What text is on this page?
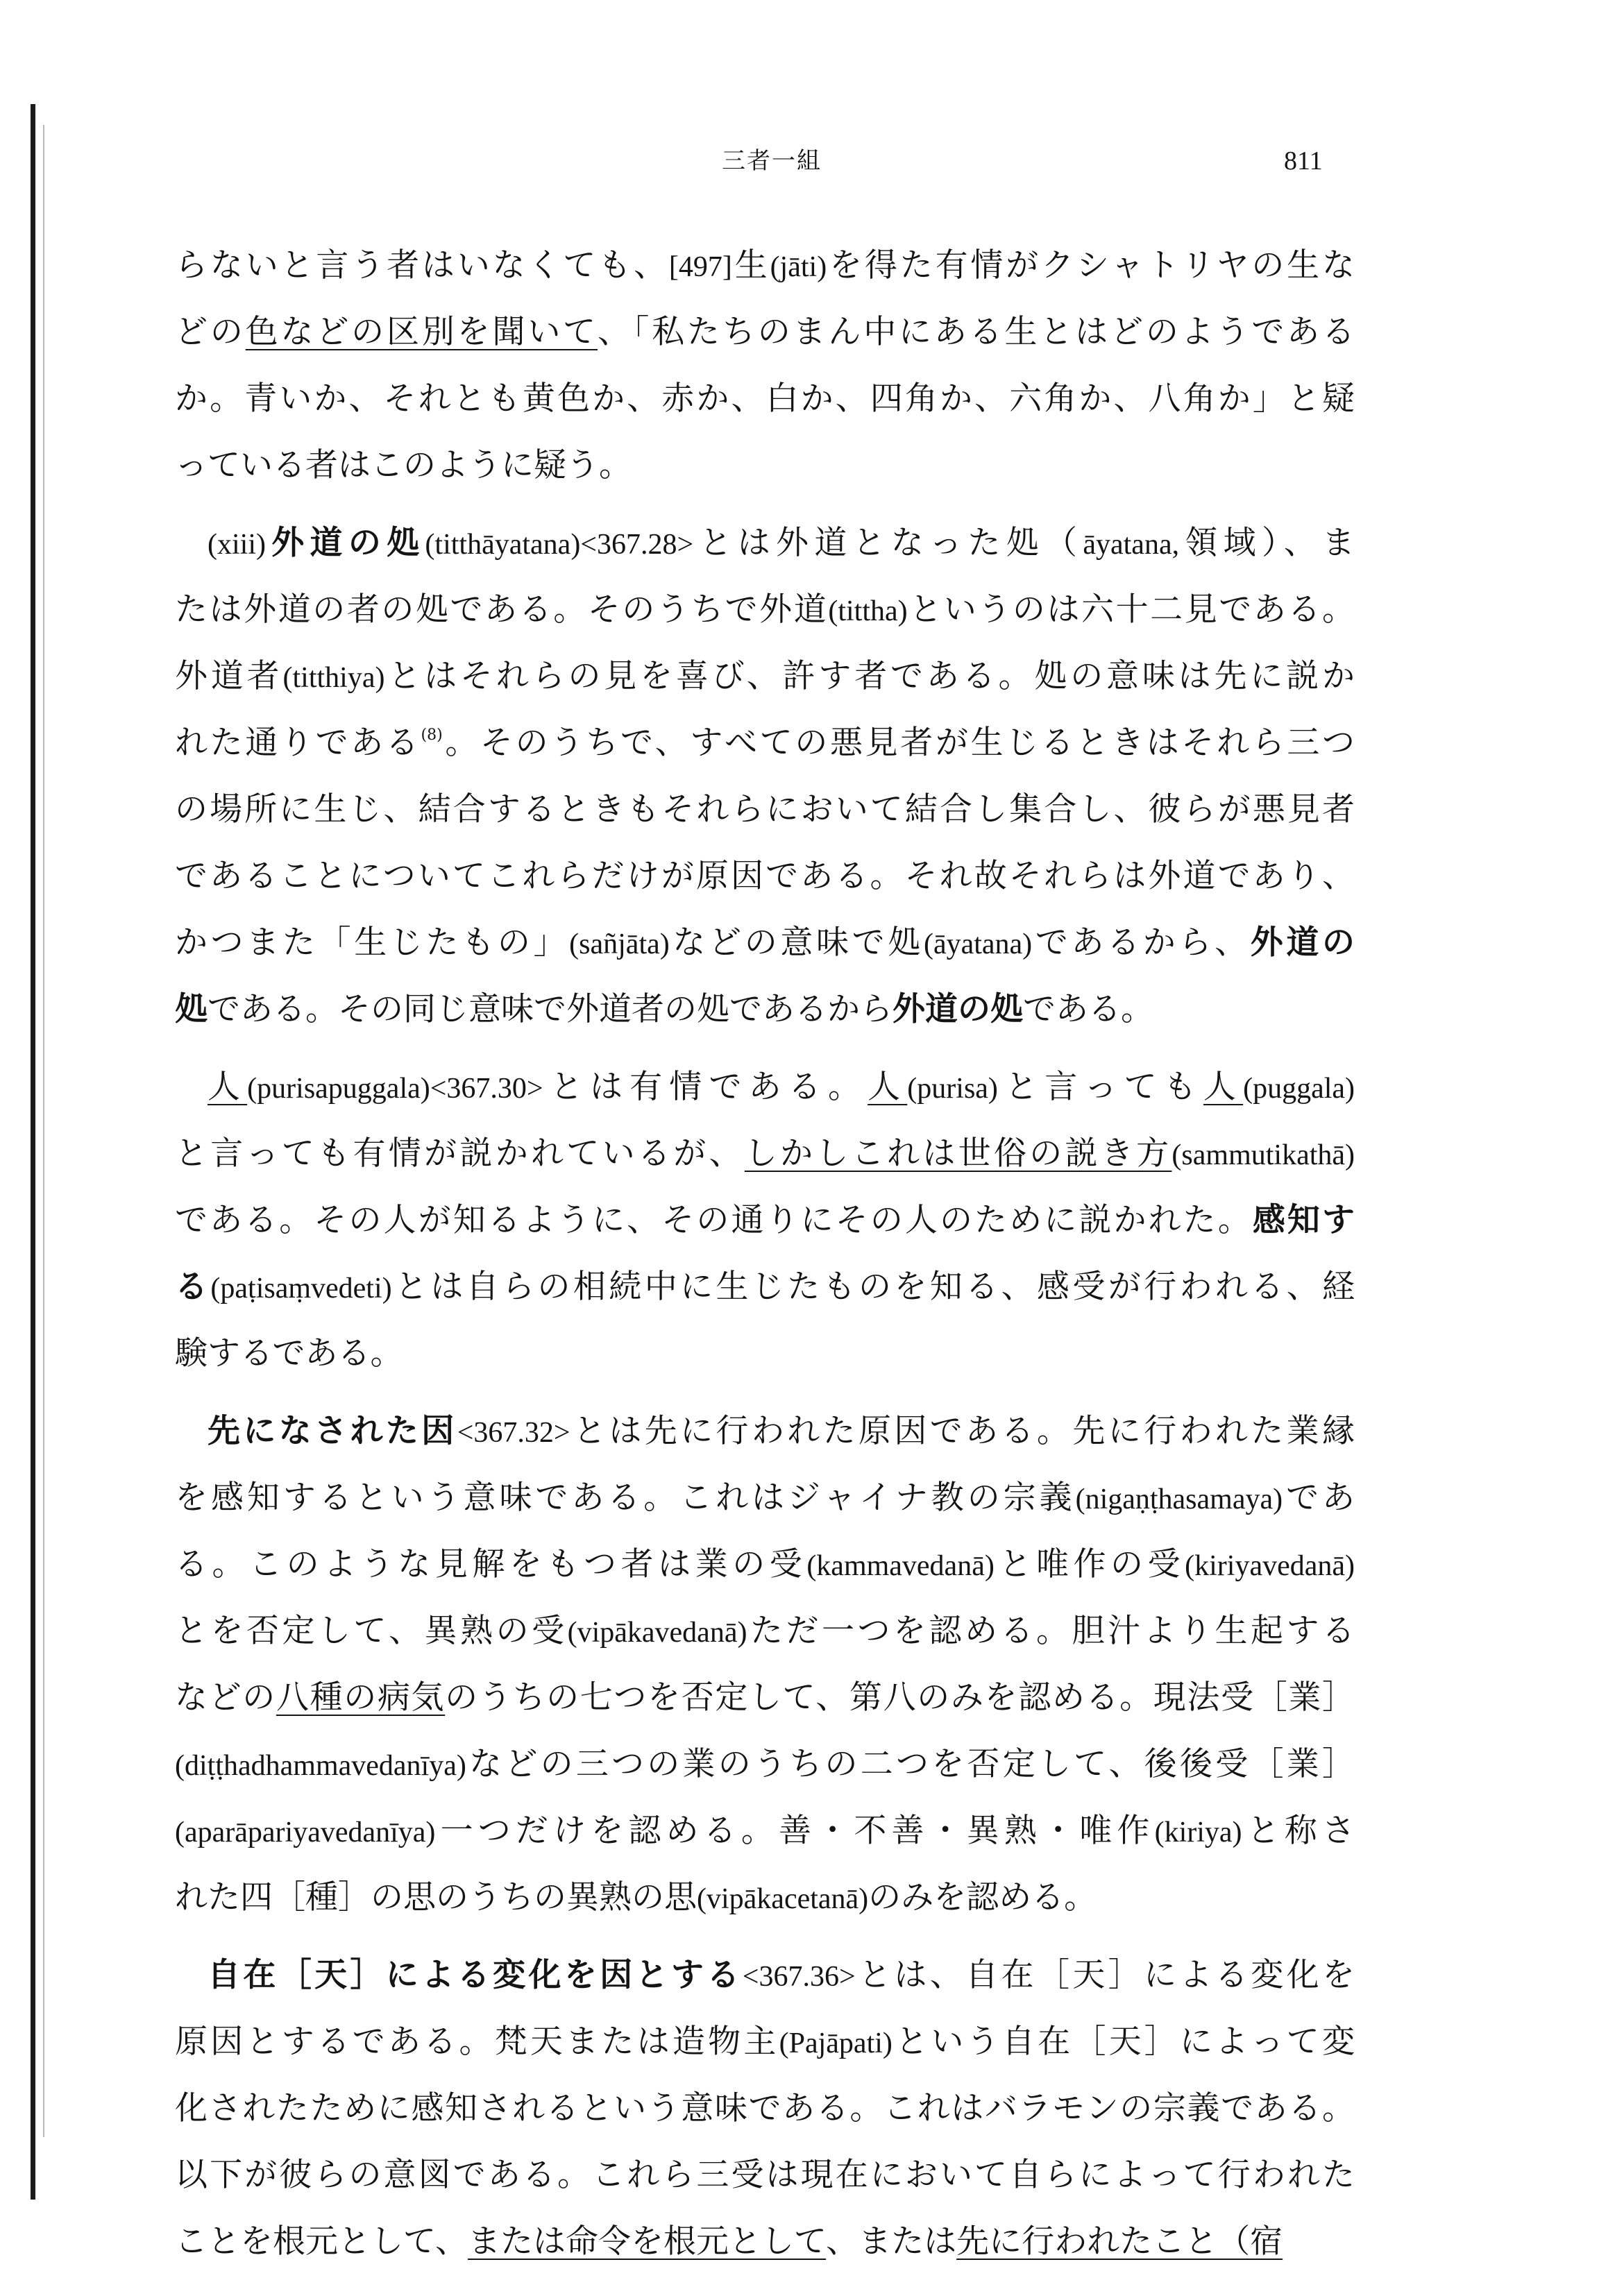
三者一組	811
らないと言う者はいなくても、[497]生(jāti)を得た有情がクシャトリヤの生な
どの色などの区別を聞いて、「私たちのまん中にある生とはどのようである
か。青いか、それとも黄色か、赤か、白か、四角か、六角か、八角か」と疑
っている者はこのように疑う。
(xiii)外道の処(titthāyatana)<367.28>とは外道となった処（āyatana,領域）、ま
たは外道の者の処である。そのうちで外道(tittha)というのは六十二見である。
外道者(titthiya)とはそれらの見を喜び、許す者である。処の意味は先に説か
れた通りである$^{(8)}$。そのうちで、すべての悪見者が生じるときはそれら三つ
の場所に生じ、結合するときもそれらにおいて結合し集合し、彼らが悪見者
であることについてこれらだけが原因である。それ故それらは外道であり、
かつまた「生じたもの」(sañjāta)などの意味で処(āyatana)であるから、外道の
処である。その同じ意味で外道者の処であるから外道の処である。
人(purisapuggala)<367.30>とは有情である。人(purisa)と言っても人(puggala)
と言っても有情が説かれているが、しかしこれは世俗の説き方(sammutikathā)
である。その人が知るように、その通りにその人のために説かれた。感知す
る(paṭisaṃvedeti)とは自らの相続中に生じたものを知る、感受が行われる、経
験するである。
先になされた因<367.32>とは先に行われた原因である。先に行われた業縁
を感知するという意味である。これはジャイナ教の宗義(nigaṇṭhasamaya)であ
る。このような見解をもつ者は業の受(kammavedanā)と唯作の受(kiriyavedanā)
とを否定して、異熟の受(vipākavedanā)ただ一つを認める。胆汁より生起する
などの八種の病気のうちの七つを否定して、第八のみを認める。現法受［業］
(diṭṭhadhammavedanīya)などの三つの業のうちの二つを否定して、後後受［業］
(aparāpariyavedanīya)一つだけを認める。善・不善・異熟・唯作(kiriya)と称さ
れた四［種］の思のうちの異熟の思(vipākacetanā)のみを認める。
自在［天］による変化を因とする<367.36>とは、自在［天］による変化を
原因とするである。梵天または造物主(Pajāpati)という自在［天］によって変
化されたために感知されるという意味である。これはバラモンの宗義である。
以下が彼らの意図である。これら三受は現在において自らによって行われた
ことを根元として、または命令を根元として、または先に行われたこと（宿
